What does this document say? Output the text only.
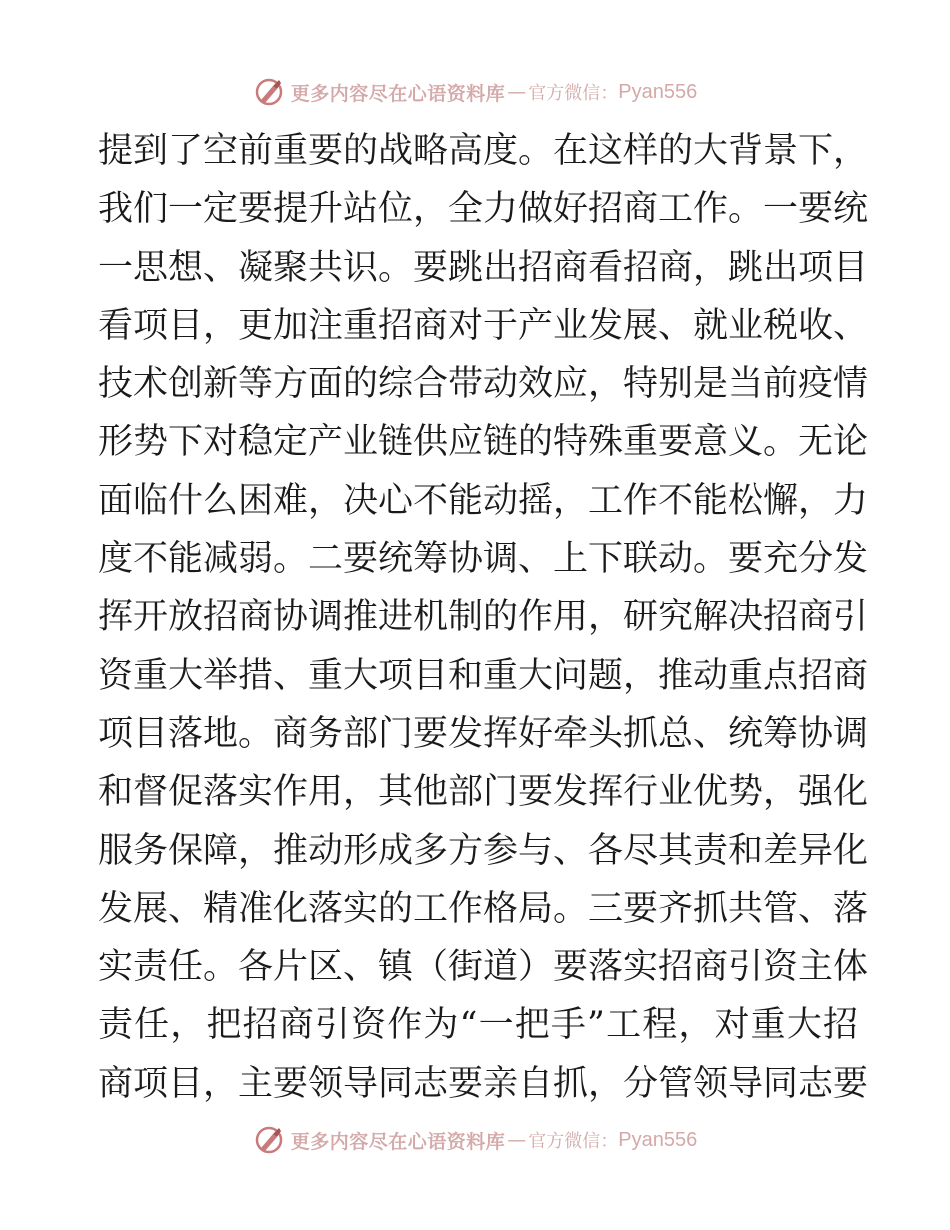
更多内容尽在心语资料库 — 官方微信： Pyan556
提到了空前重要的战略高度。在这样的大背景下，
我们一定要提升站位，全力做好招商工作。一要统
一思想、凝聚共识。要跳出招商看招商，跳出项目
看项目，更加注重招商对于产业发展、就业税收、
技术创新等方面的综合带动效应，特别是当前疫情
形势下对稳定产业链供应链的特殊重要意义。无论
面临什么困难，决心不能动摇，工作不能松懈，力
度不能减弱。二要统筹协调、上下联动。要充分发
挥开放招商协调推进机制的作用，研究解决招商引
资重大举措、重大项目和重大问题，推动重点招商
项目落地。商务部门要发挥好牵头抓总、统筹协调
和督促落实作用，其他部门要发挥行业优势，强化
服务保障，推动形成多方参与、各尽其责和差异化
发展、精准化落实的工作格局。三要齐抓共管、落
实责任。各片区、镇（街道）要落实招商引资主体
责任，把招商引资作为“一把手”工程，对重大招
商项目，主要领导同志要亲自抓，分管领导同志要
更多内容尽在心语资料库 — 官方微信： Pyan556
